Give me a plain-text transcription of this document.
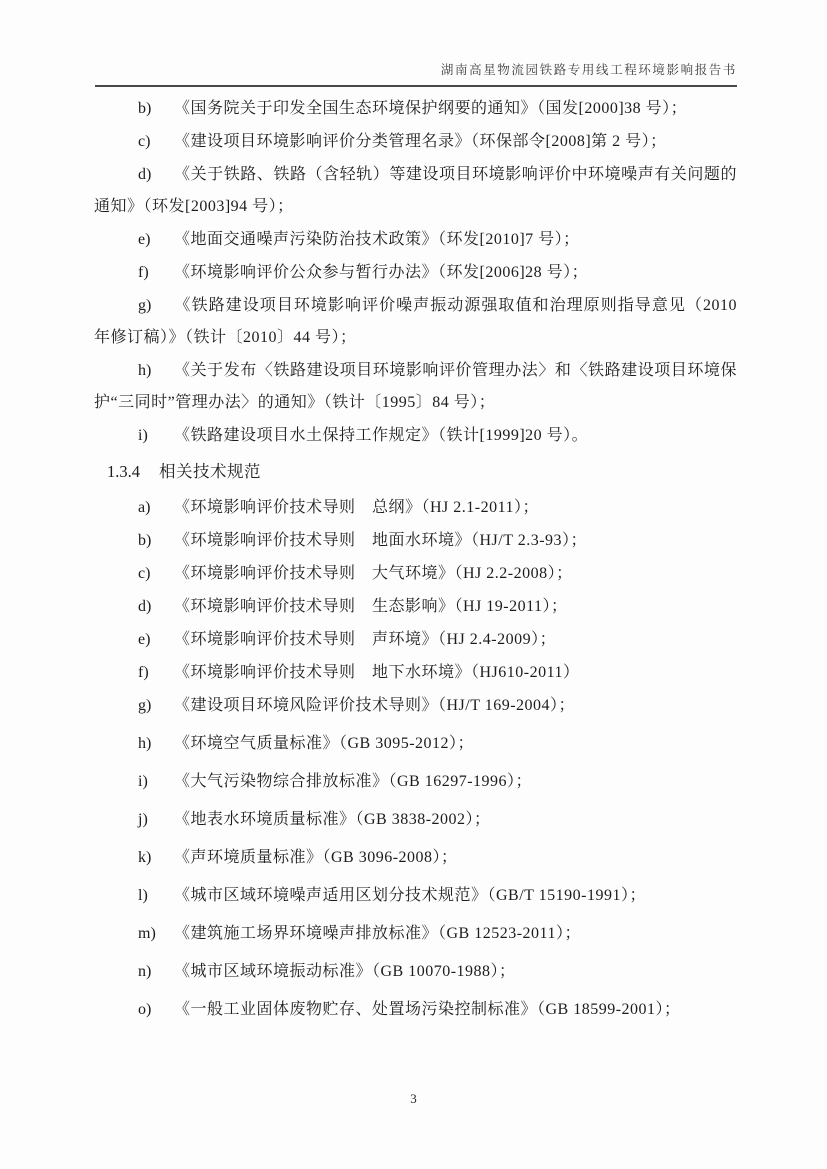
湖南高星物流园铁路专用线工程环境影响报告书

b) 《国务院关于印发全国生态环境保护纲要的通知》（国发[2000]38 号）；

c) 《建设项目环境影响评价分类管理名录》（环保部令[2008]第 2 号）；

d) 《关于铁路、铁路（含轻轨）等建设项目环境影响评价中环境噪声有关问题的通知》（环发[2003]94 号）；

e) 《地面交通噪声污染防治技术政策》（环发[2010]7 号）；

f) 《环境影响评价公众参与暂行办法》（环发[2006]28 号）；

g) 《铁路建设项目环境影响评价噪声振动源强取值和治理原则指导意见（2010 年修订稿）》（铁计〔2010〕44 号）；

h) 《关于发布〈铁路建设项目环境影响评价管理办法〉和〈铁路建设项目环境保护“三同时”管理办法〉的通知》（铁计〔1995〕84 号）；

i) 《铁路建设项目水土保持工作规定》（铁计[1999]20 号）。

1.3.4 相关技术规范

a) 《环境影响评价技术导则　总纲》（HJ 2.1-2011）；

b) 《环境影响评价技术导则　地面水环境》（HJ/T 2.3-93）；

c) 《环境影响评价技术导则　大气环境》（HJ 2.2-2008）；

d) 《环境影响评价技术导则　生态影响》（HJ 19-2011）；

e) 《环境影响评价技术导则　声环境》（HJ 2.4-2009）；

f) 《环境影响评价技术导则　地下水环境》（HJ610-2011）

g) 《建设项目环境风险评价技术导则》（HJ/T 169-2004）；

h) 《环境空气质量标准》（GB 3095-2012）；

i) 《大气污染物综合排放标准》（GB 16297-1996）；

j) 《地表水环境质量标准》（GB 3838-2002）；

k) 《声环境质量标准》（GB 3096-2008）；

l) 《城市区域环境噪声适用区划分技术规范》（GB/T 15190-1991）；

m) 《建筑施工场界环境噪声排放标准》（GB 12523-2011）；

n) 《城市区域环境振动标准》（GB 10070-1988）；

o) 《一般工业固体废物贮存、处置场污染控制标准》（GB 18599-2001）；

3
